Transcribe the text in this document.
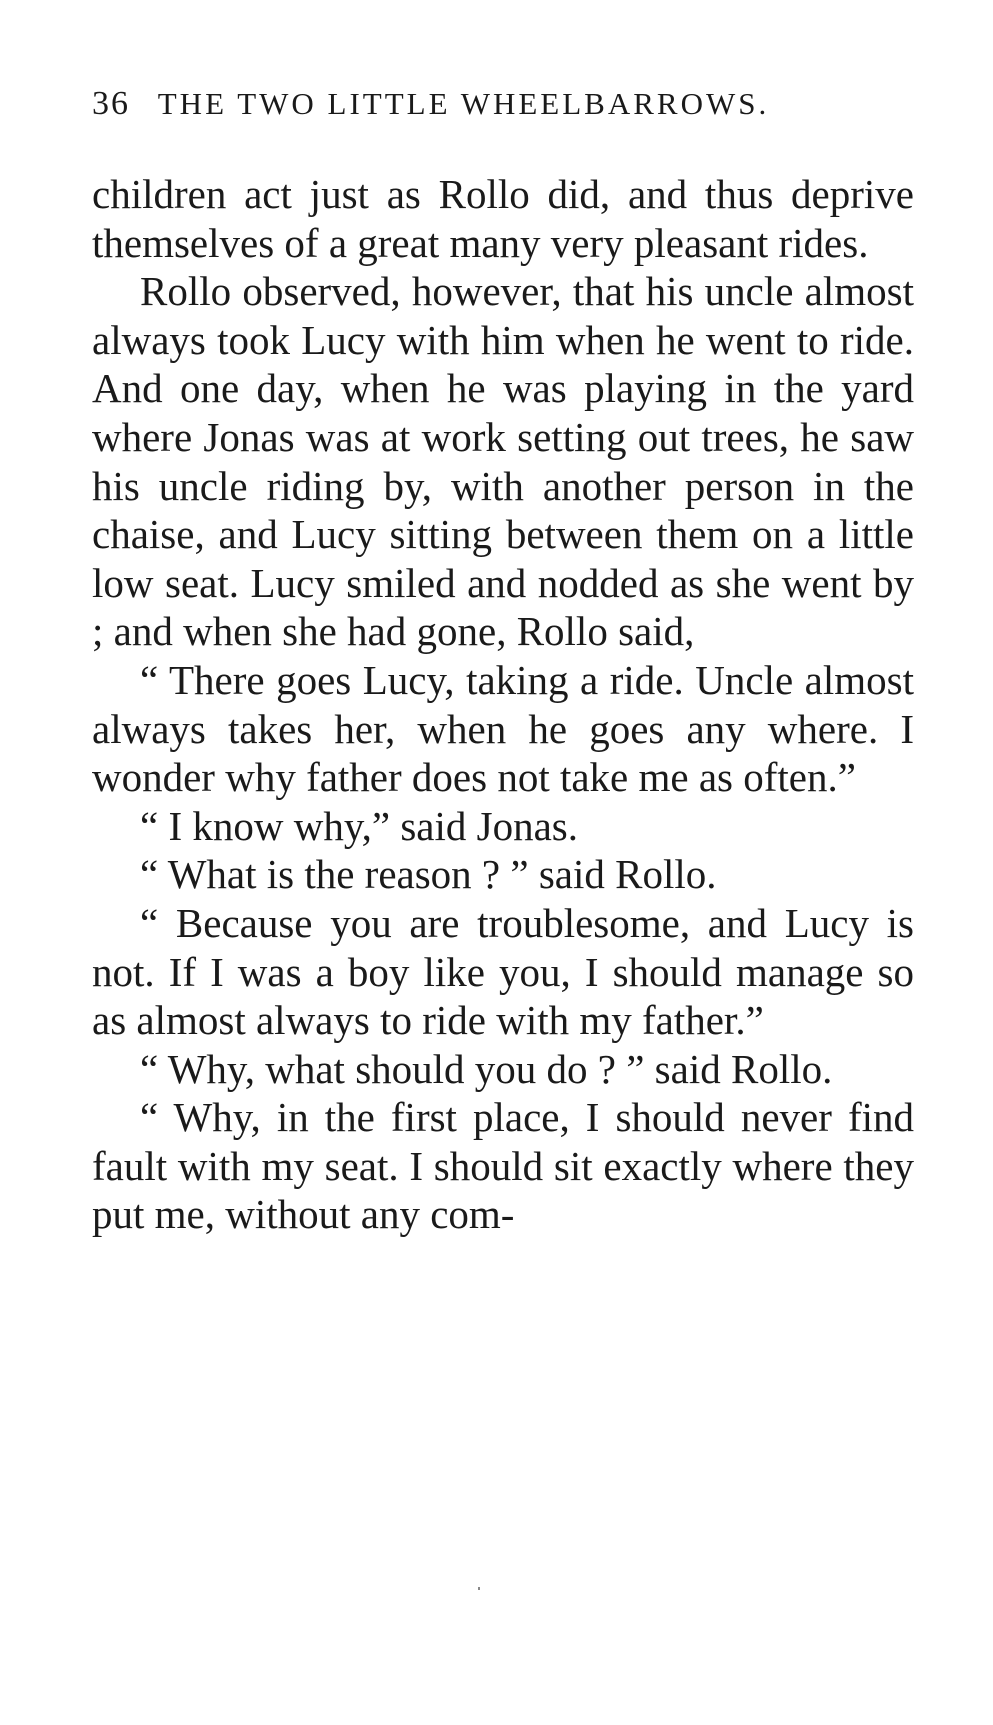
36 THE TWO LITTLE WHEELBARROWS.

children act just as Rollo did, and thus deprive themselves of a great many very pleasant rides.

Rollo observed, however, that his uncle almost always took Lucy with him when he went to ride. And one day, when he was playing in the yard where Jonas was at work setting out trees, he saw his uncle riding by, with another person in the chaise, and Lucy sitting between them on a little low seat. Lucy smiled and nodded as she went by ; and when she had gone, Rollo said,

“ There goes Lucy, taking a ride. Uncle almost always takes her, when he goes any where. I wonder why father does not take me as often.”

“ I know why,” said Jonas.

“ What is the reason ? ” said Rollo.

“ Because you are troublesome, and Lucy is not. If I was a boy like you, I should manage so as almost always to ride with my father.”

“ Why, what should you do ? ” said Rollo.

“ Why, in the first place, I should never find fault with my seat. I should sit exactly where they put me, without any com-
